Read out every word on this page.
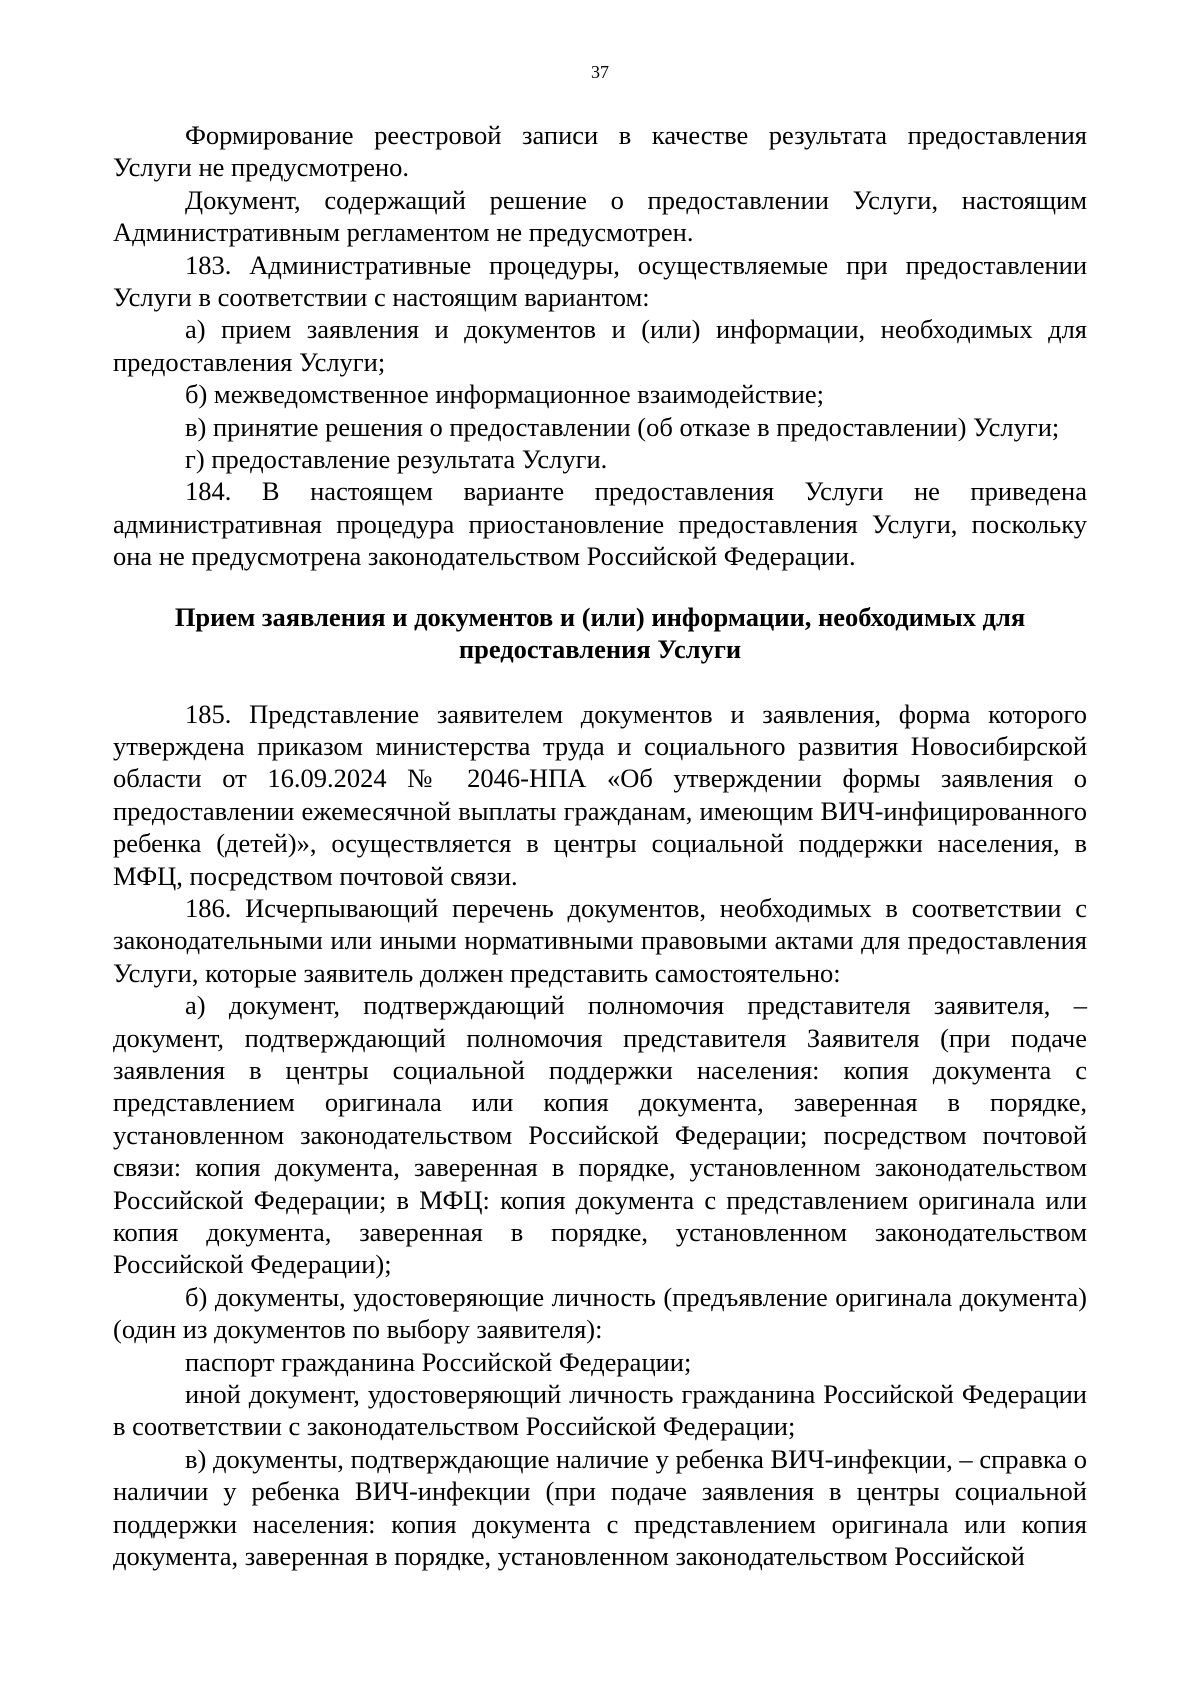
37

Формирование реестровой записи в качестве результата предоставления Услуги не предусмотрено.

Документ, содержащий решение о предоставлении Услуги, настоящим Административным регламентом не предусмотрен.

183. Административные процедуры, осуществляемые при предоставлении Услуги в соответствии с настоящим вариантом:

а) прием заявления и документов и (или) информации, необходимых для предоставления Услуги;

б) межведомственное информационное взаимодействие;

в) принятие решения о предоставлении (об отказе в предоставлении) Услуги;

г) предоставление результата Услуги.

184. В настоящем варианте предоставления Услуги не приведена административная процедура приостановление предоставления Услуги, поскольку она не предусмотрена законодательством Российской Федерации.

Прием заявления и документов и (или) информации, необходимых для
предоставления Услуги

185. Представление заявителем документов и заявления, форма которого утверждена приказом министерства труда и социального развития Новосибирской области от 16.09.2024 № 2046-НПА «Об утверждении формы заявления о предоставлении ежемесячной выплаты гражданам, имеющим ВИЧ-инфицированного ребенка (детей)», осуществляется в центры социальной поддержки населения, в МФЦ, посредством почтовой связи.

186. Исчерпывающий перечень документов, необходимых в соответствии с законодательными или иными нормативными правовыми актами для предоставления Услуги, которые заявитель должен представить самостоятельно:

а) документ, подтверждающий полномочия представителя заявителя, – документ, подтверждающий полномочия представителя Заявителя (при подаче заявления в центры социальной поддержки населения: копия документа с представлением оригинала или копия документа, заверенная в порядке, установленном законодательством Российской Федерации; посредством почтовой связи: копия документа, заверенная в порядке, установленном законодательством Российской Федерации; в МФЦ: копия документа с представлением оригинала или копия документа, заверенная в порядке, установленном законодательством Российской Федерации);

б) документы, удостоверяющие личность (предъявление оригинала документа) (один из документов по выбору заявителя):

паспорт гражданина Российской Федерации;

иной документ, удостоверяющий личность гражданина Российской Федерации в соответствии с законодательством Российской Федерации;

в) документы, подтверждающие наличие у ребенка ВИЧ-инфекции, – справка о наличии у ребенка ВИЧ-инфекции (при подаче заявления в центры социальной поддержки населения: копия документа с представлением оригинала или копия документа, заверенная в порядке, установленном законодательством Российской
